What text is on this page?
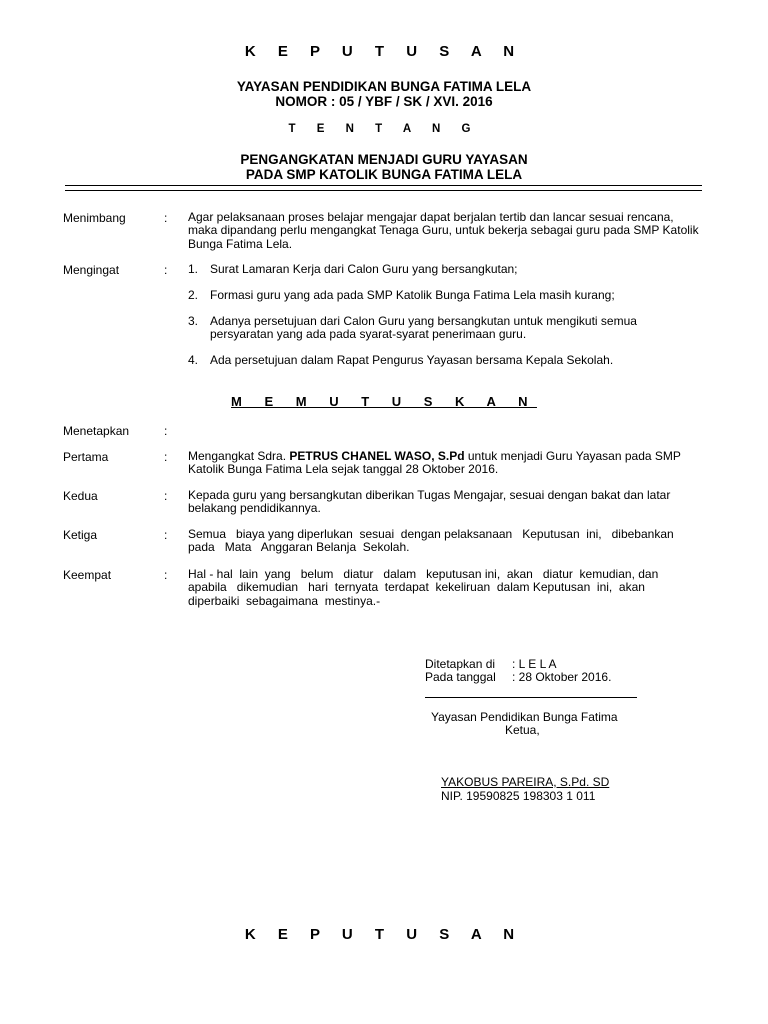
K E P U T U S A N
YAYASAN PENDIDIKAN BUNGA FATIMA LELA
NOMOR : 05 / YBF / SK / XVI. 2016
T E N T A N G
PENGANGKATAN MENJADI GURU YAYASAN
PADA SMP KATOLIK BUNGA FATIMA LELA
Menimbang	: Agar pelaksanaan proses belajar mengajar dapat berjalan tertib dan lancar sesuai rencana, maka dipandang perlu mengangkat Tenaga Guru, untuk bekerja sebagai guru pada SMP Katolik Bunga Fatima Lela.
Mengingat	: 1. Surat Lamaran Kerja dari Calon Guru yang bersangkutan;
2. Formasi guru yang ada pada SMP Katolik Bunga Fatima Lela masih kurang;
3. Adanya persetujuan dari Calon Guru yang bersangkutan untuk mengikuti semua persyaratan yang ada pada syarat-syarat penerimaan guru.
4. Ada persetujuan dalam Rapat Pengurus Yayasan bersama Kepala Sekolah.
M E M U T U S K A N
Menetapkan	:
Pertama	: Mengangkat Sdra. PETRUS CHANEL WASO, S.Pd untuk menjadi Guru Yayasan pada SMP Katolik Bunga Fatima Lela sejak tanggal 28 Oktober 2016.
Kedua	: Kepada guru yang bersangkutan diberikan Tugas Mengajar, sesuai dengan bakat dan latar belakang pendidikannya.
Ketiga	: Semua   biaya yang diperlukan  sesuai  dengan pelaksanaan   Keputusan  ini,   dibebankan
pada   Mata   Anggaran Belanja  Sekolah.
Keempat	: Hal - hal  lain  yang   belum   diatur   dalam   keputusan ini,  akan   diatur  kemudian, dan
apabila   dikemudian   hari  ternyata  terdapat  kekeliruan  dalam Keputusan  ini,  akan
diperbaiki  sebagaimana  mestinya.-
Ditetapkan di : L E L A
Pada tanggal : 28 Oktober 2016.
Yayasan Pendidikan Bunga Fatima
Ketua,
YAKOBUS PAREIRA, S.Pd. SD
NIP. 19590825 198303 1 011
K E P U T U S A N
